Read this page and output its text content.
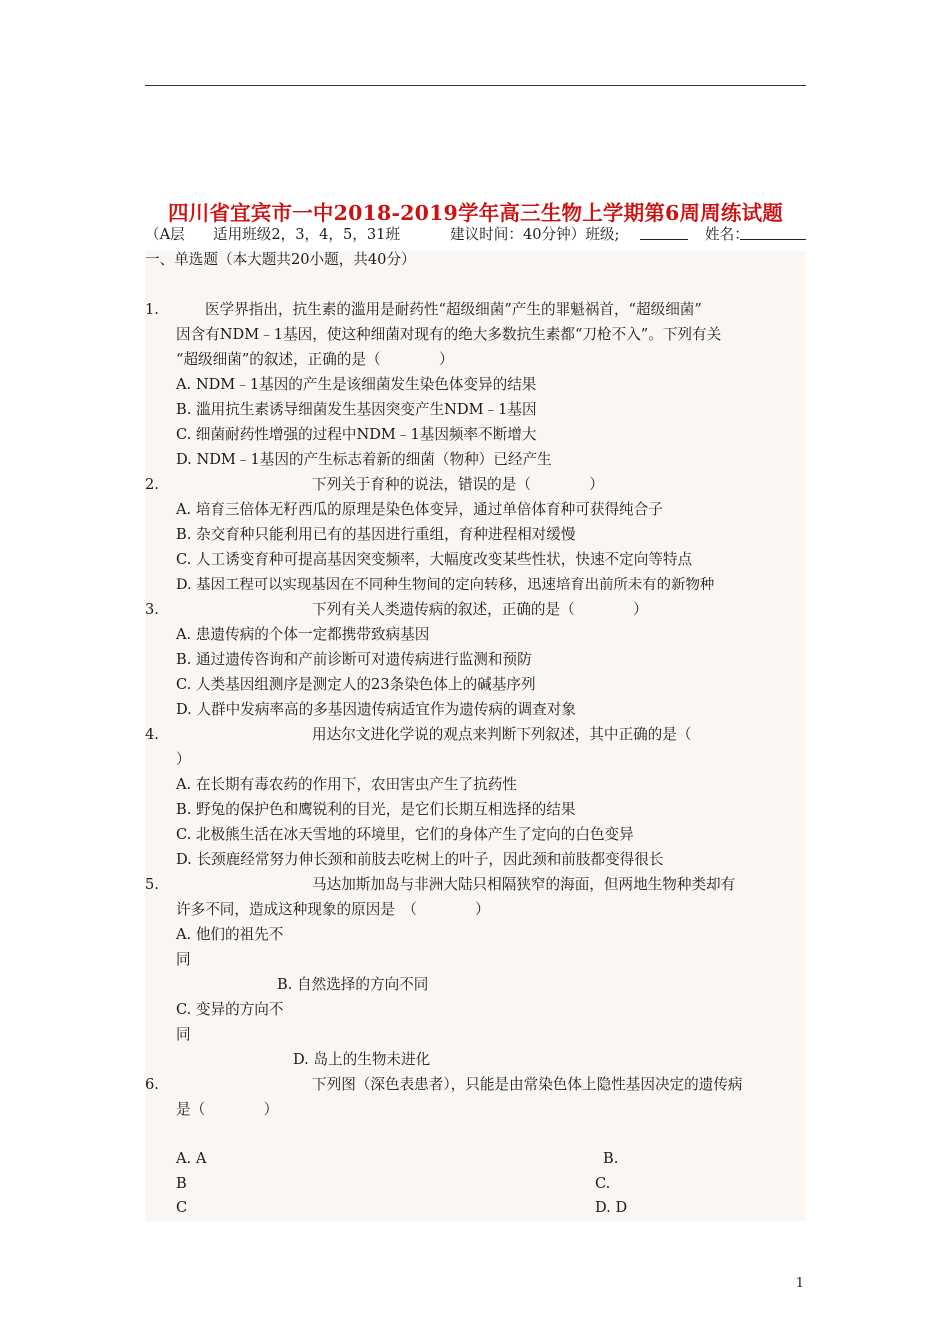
四川省宜宾市一中2018-2019学年高三生物上学期第6周周练试题
（A层 适用班级2，3，4，5，31班	建议时间：40分钟）班级;	姓名：
一、单选题（本大题共20小题，共40分）
1.	医学界指出，抗生素的滥用是耐药性“超级细菌”产生的罪魁祸首，“超级细菌”
因含有NDM﹣1基因，使这种细菌对现有的绝大多数抗生素都“刀枪不入”。下列有关
“超级细菌”的叙述，正确的是（　　　　）
A. NDM﹣1基因的产生是该细菌发生染色体变异的结果
B. 滥用抗生素诱导细菌发生基因突变产生NDM﹣1基因
C. 细菌耐药性增强的过程中NDM﹣1基因频率不断增大
D. NDM﹣1基因的产生标志着新的细菌（物种）已经产生
2.	下列关于育种的说法，错误的是（　　　　）
A. 培育三倍体无籽西瓜的原理是染色体变异，通过单倍体育种可获得纯合子
B. 杂交育种只能利用已有的基因进行重组，育种进程相对缓慢
C. 人工诱变育种可提高基因突变频率，大幅度改变某些性状，快速不定向等特点
D. 基因工程可以实现基因在不同种生物间的定向转移，迅速培育出前所未有的新物种
3.	下列有关人类遗传病的叙述，正确的是（　　　　）
A. 患遗传病的个体一定都携带致病基因
B. 通过遗传咨询和产前诊断可对遗传病进行监测和预防
C. 人类基因组测序是测定人的23条染色体上的碱基序列
D. 人群中发病率高的多基因遗传病适宜作为遗传病的调查对象
4.	用达尔文进化学说的观点来判断下列叙述，其中正确的是（
）
A. 在长期有毒农药的作用下，农田害虫产生了抗药性
B. 野兔的保护色和鹰锐利的目光，是它们长期互相选择的结果
C. 北极熊生活在冰天雪地的环境里，它们的身体产生了定向的白色变异
D. 长颈鹿经常努力伸长颈和前肢去吃树上的叶子，因此颈和前肢都变得很长
5.	马达加斯加岛与非洲大陆只相隔狭窄的海面，但两地生物种类却有
许多不同，造成这种现象的原因是　（　　　　）
A. 他们的祖先不
同
B. 自然选择的方向不同
C. 变异的方向不
同
D. 岛上的生物未进化
6.	下列图（深色表患者），只能是由常染色体上隐性基因决定的遗传病
是（　　　　）
A. A	B.
B	C.
C	D. D
1
